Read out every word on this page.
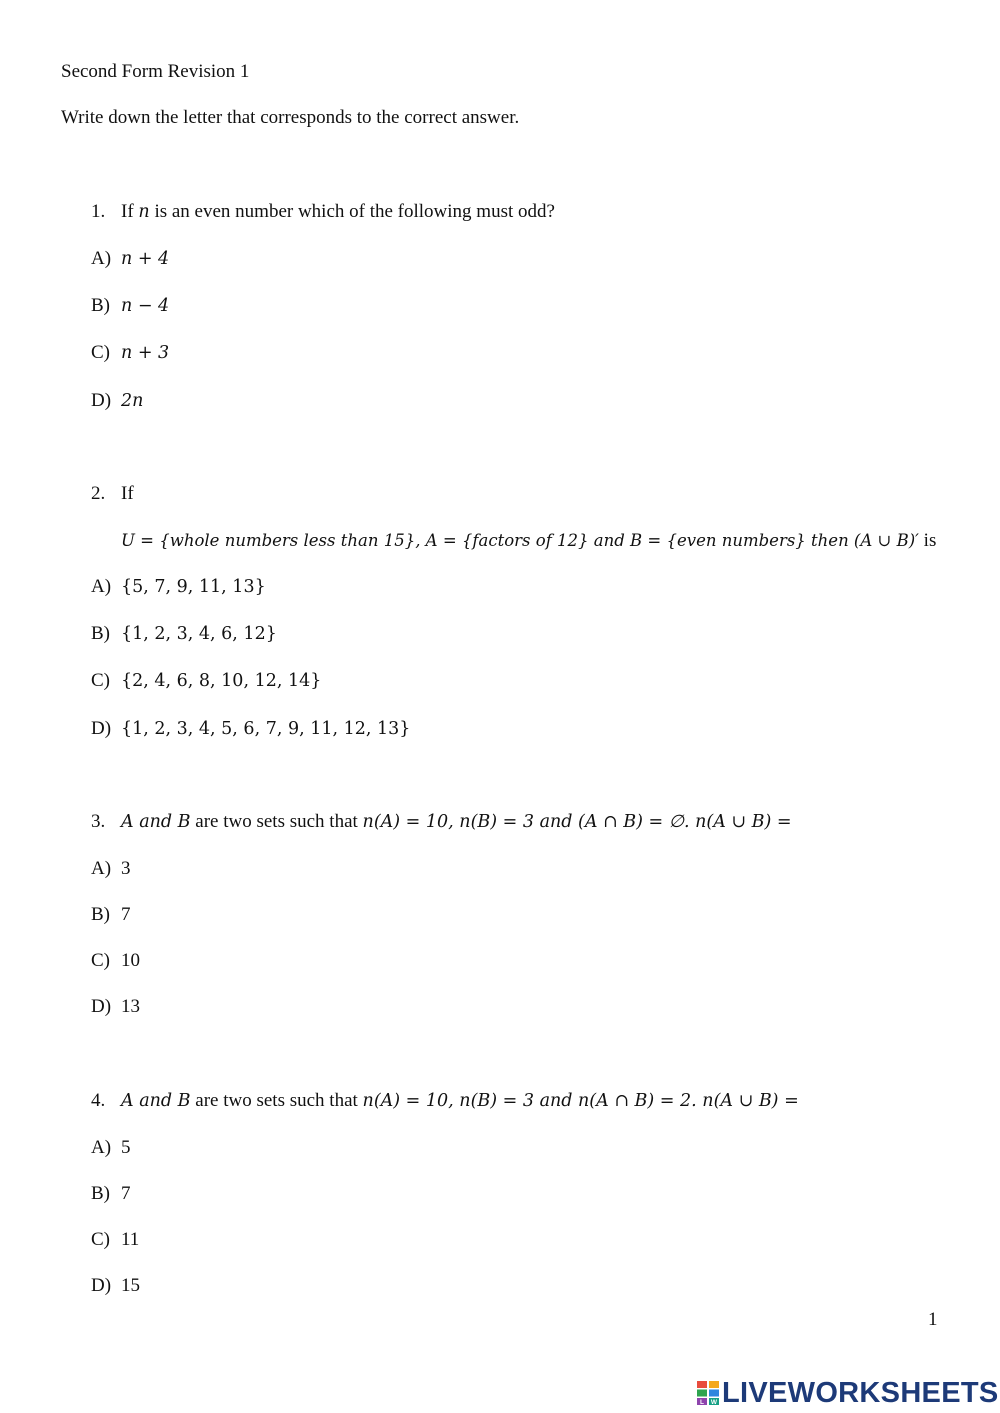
Second Form Revision 1
Write down the letter that corresponds to the correct answer.
1. If n is an even number which of the following must odd?
A) n + 4
B) n − 4
C) n + 3
D) 2n
2. If
U = {whole numbers less than 15}, A = {factors of 12} and B = {even numbers} then (A ∪ B)′ is
A) {5, 7, 9, 11, 13}
B) {1, 2, 3, 4, 6, 12}
C) {2, 4, 6, 8, 10, 12, 14}
D) {1, 2, 3, 4, 5, 6, 7, 9, 11, 12, 13}
3. A and B are two sets such that n(A) = 10, n(B) = 3 and (A ∩ B) = ∅. n(A ∪ B) =
A) 3
B) 7
C) 10
D) 13
4. A and B are two sets such that n(A) = 10, n(B) = 3 and n(A ∩ B) = 2. n(A ∪ B) =
A) 5
B) 7
C) 11
D) 15
1
L W LIVEWORKSHEETS
